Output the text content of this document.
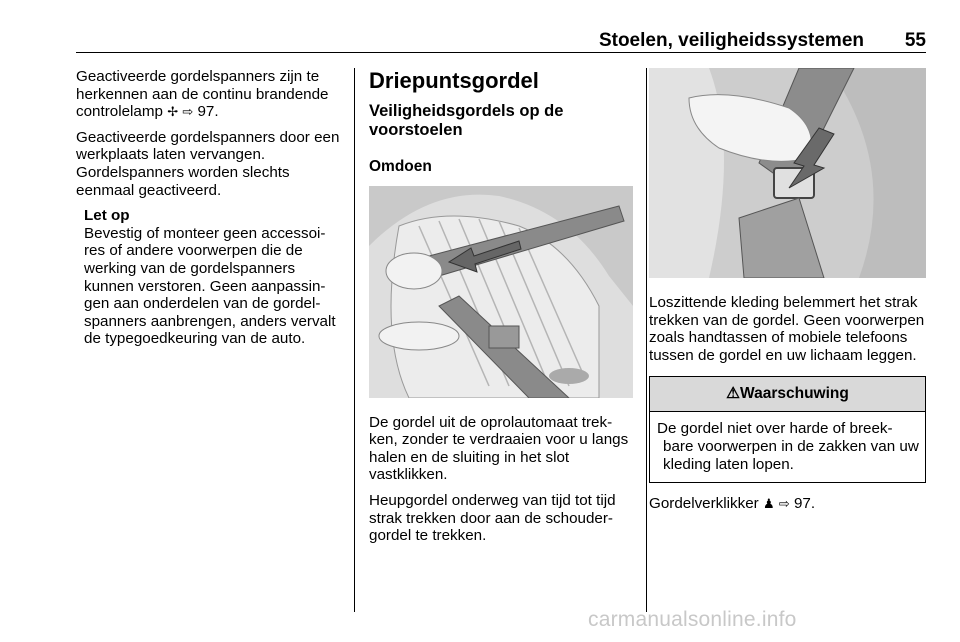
Stoelen, veiligheidssystemen 55

Geactiveerde gordelspanners zijn te herkennen aan de continu brandende controlelamp ✢ ⇨ 97.

Geactiveerde gordelspanners door een werkplaats laten vervangen. Gordelspanners worden slechts eenmaal geactiveerd.

Let op
Bevestig of monteer geen accessoi-res of andere voorwerpen die de werking van de gordelspanners kunnen verstoren. Geen aanpassin-gen aan onderdelen van de gordel-spanners aanbrengen, anders vervalt de typegoedkeuring van de auto.
Driepuntsgordel
Veiligheidsgordels op de voorstoelen
Omdoen

De gordel uit de oprolautomaat trek-ken, zonder te verdraaien voor u langs halen en de sluiting in het slot vastklikken.

Heupgordel onderweg van tijd tot tijd strak trekken door aan de schouder-gordel te trekken.

Loszittende kleding belemmert het strak trekken van de gordel. Geen voorwerpen zoals handtassen of mobiele telefoons tussen de gordel en uw lichaam leggen.

⚠Waarschuwing
De gordel niet over harde of breek-bare voorwerpen in de zakken van uw kleding laten lopen.

Gordelverklikker ♟ ⇨ 97.

carmanualsonline.info
